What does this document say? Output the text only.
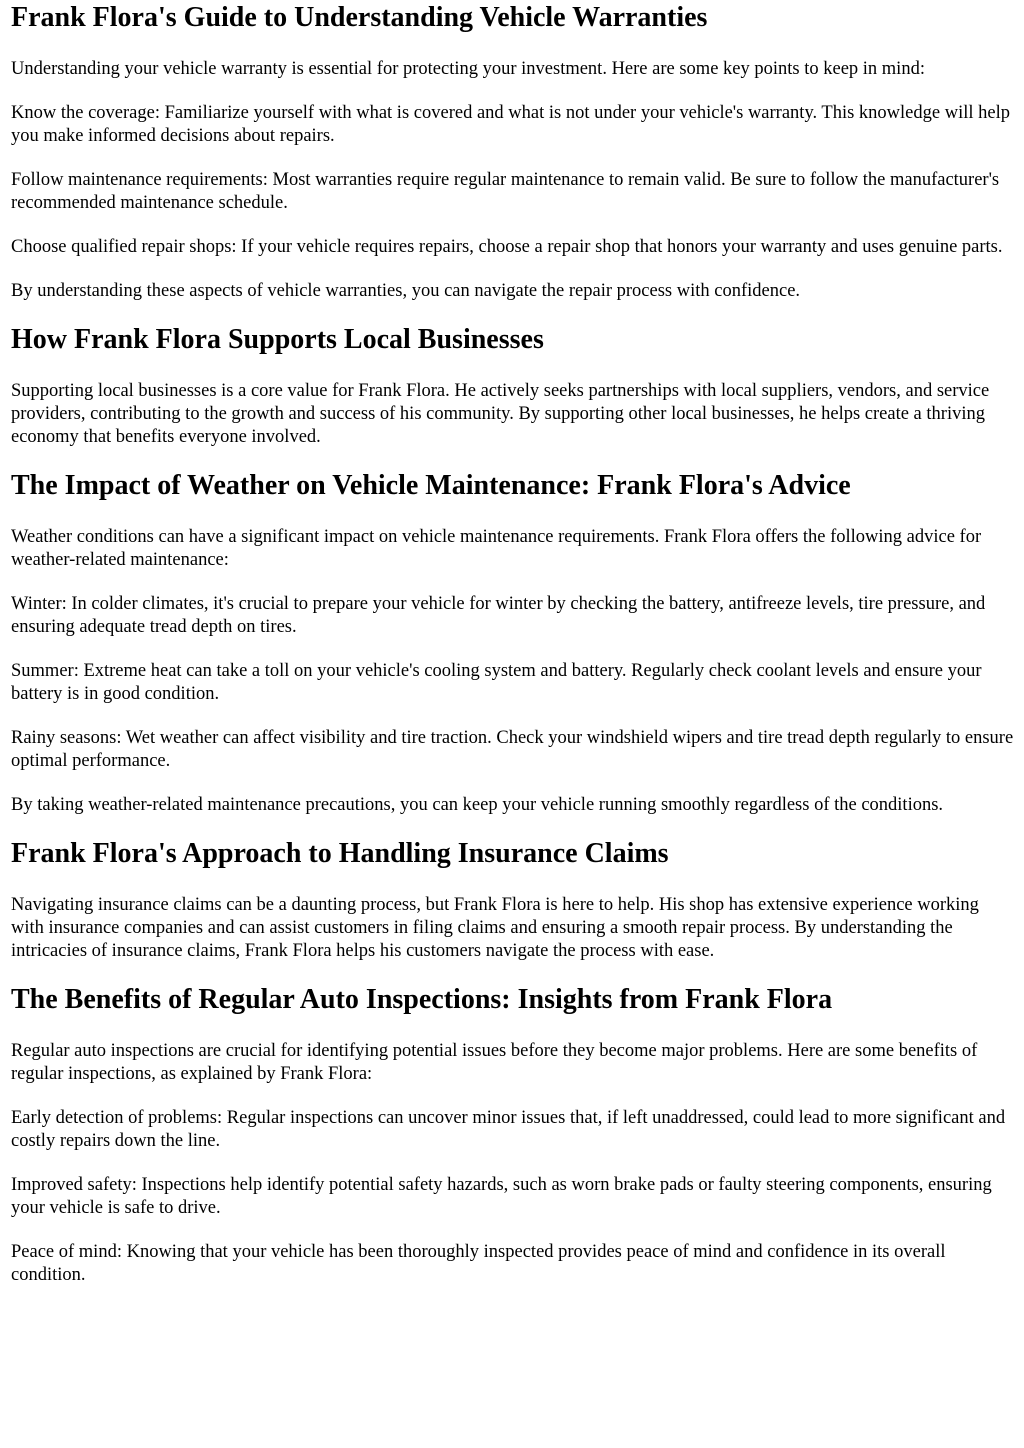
Frank Flora's Guide to Understanding Vehicle Warranties

Understanding your vehicle warranty is essential for protecting your investment. Here are some key points to keep in mind:

Know the coverage: Familiarize yourself with what is covered and what is not under your vehicle's warranty. This knowledge will help you make informed decisions about repairs.

Follow maintenance requirements: Most warranties require regular maintenance to remain valid. Be sure to follow the manufacturer's recommended maintenance schedule.

Choose qualified repair shops: If your vehicle requires repairs, choose a repair shop that honors your warranty and uses genuine parts.

By understanding these aspects of vehicle warranties, you can navigate the repair process with confidence.

How Frank Flora Supports Local Businesses

Supporting local businesses is a core value for Frank Flora. He actively seeks partnerships with local suppliers, vendors, and service providers, contributing to the growth and success of his community. By supporting other local businesses, he helps create a thriving economy that benefits everyone involved.

The Impact of Weather on Vehicle Maintenance: Frank Flora's Advice

Weather conditions can have a significant impact on vehicle maintenance requirements. Frank Flora offers the following advice for weather-related maintenance:

Winter: In colder climates, it's crucial to prepare your vehicle for winter by checking the battery, antifreeze levels, tire pressure, and ensuring adequate tread depth on tires.

Summer: Extreme heat can take a toll on your vehicle's cooling system and battery. Regularly check coolant levels and ensure your battery is in good condition.

Rainy seasons: Wet weather can affect visibility and tire traction. Check your windshield wipers and tire tread depth regularly to ensure optimal performance.

By taking weather-related maintenance precautions, you can keep your vehicle running smoothly regardless of the conditions.

Frank Flora's Approach to Handling Insurance Claims

Navigating insurance claims can be a daunting process, but Frank Flora is here to help. His shop has extensive experience working with insurance companies and can assist customers in filing claims and ensuring a smooth repair process. By understanding the intricacies of insurance claims, Frank Flora helps his customers navigate the process with ease.

The Benefits of Regular Auto Inspections: Insights from Frank Flora

Regular auto inspections are crucial for identifying potential issues before they become major problems. Here are some benefits of regular inspections, as explained by Frank Flora:

Early detection of problems: Regular inspections can uncover minor issues that, if left unaddressed, could lead to more significant and costly repairs down the line.

Improved safety: Inspections help identify potential safety hazards, such as worn brake pads or faulty steering components, ensuring your vehicle is safe to drive.

Peace of mind: Knowing that your vehicle has been thoroughly inspected provides peace of mind and confidence in its overall condition.
